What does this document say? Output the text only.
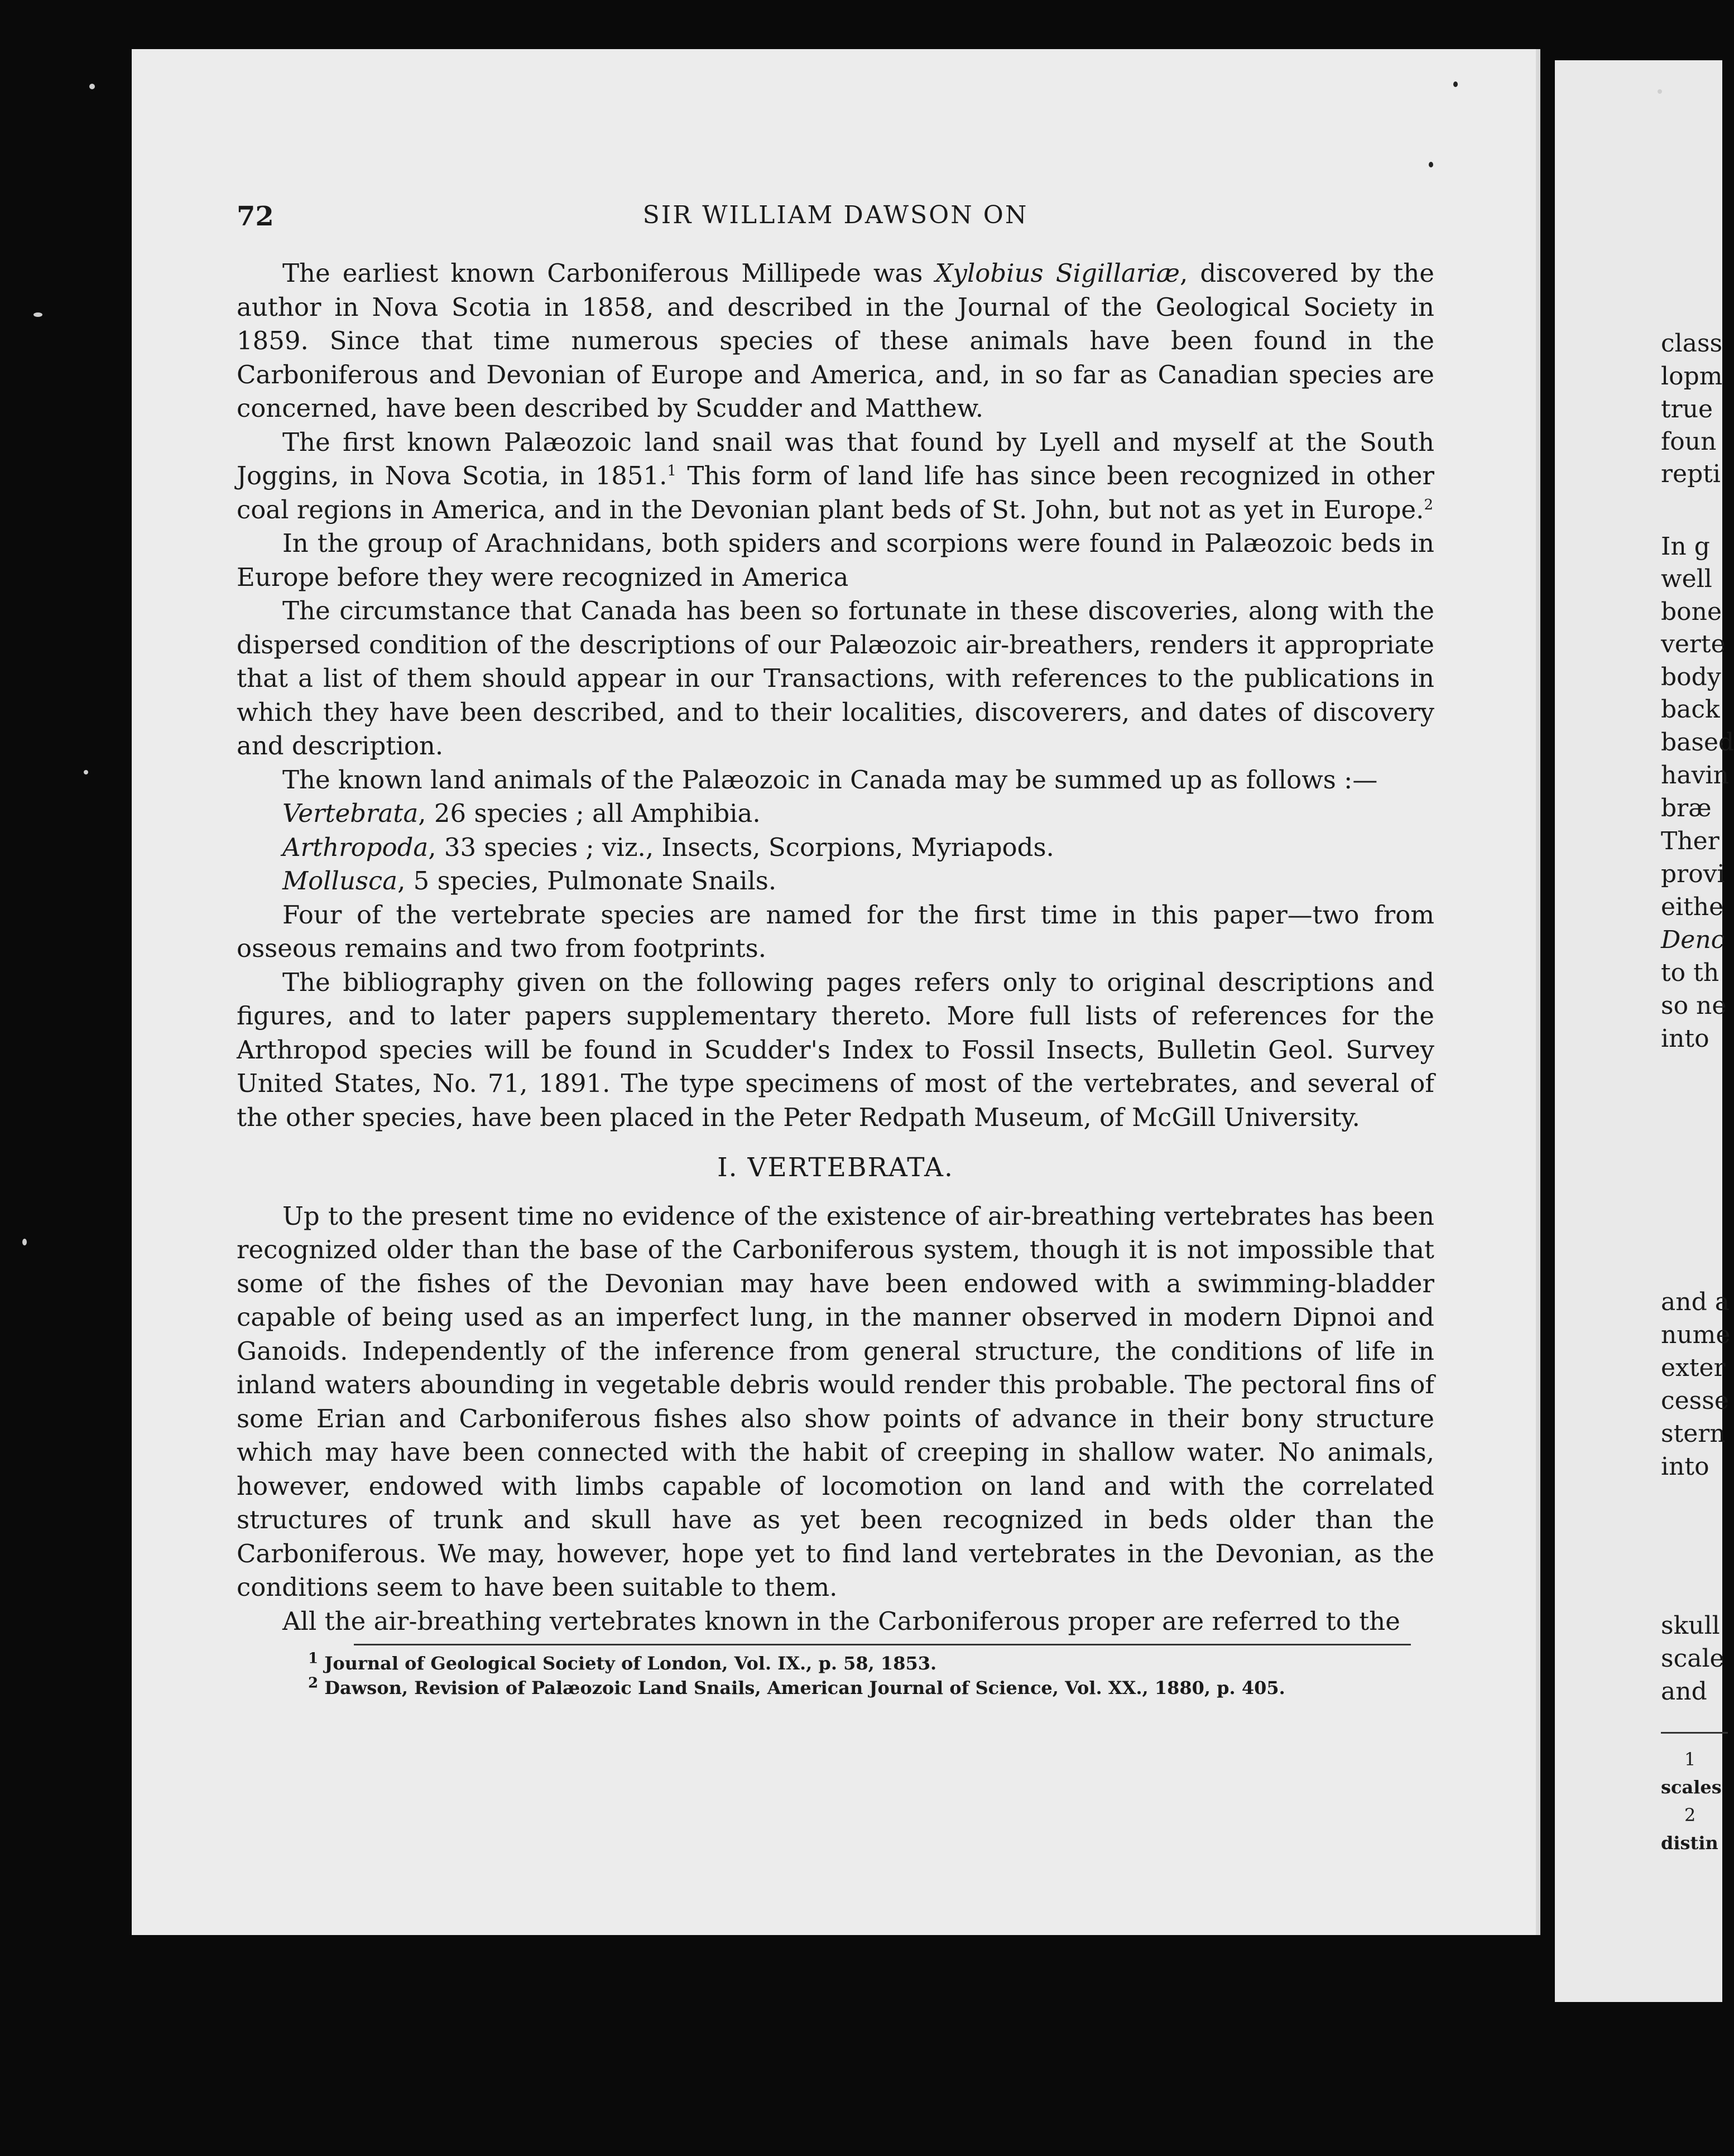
class
lopm
true
foun
repti
In g
well
bone
verte
body
back
based
havin
bræ
Ther
provi
eithe
Denc
to th
so ne
into
and a
nume
exter
cesse
stern
into
skull
scale
and
1
scales
2
distin
72	SIR WILLIAM DAWSON ON

The earliest known Carboniferous Millipede was Xylobius Sigillariæ, discovered by the author in Nova Scotia in 1858, and described in the Journal of the Geological Society in 1859. Since that time numerous species of these animals have been found in the Carboniferous and Devonian of Europe and America, and, in so far as Canadian species are concerned, have been described by Scudder and Matthew.

The first known Palæozoic land snail was that found by Lyell and myself at the South Joggins, in Nova Scotia, in 1851.$^1$ This form of land life has since been recognized in other coal regions in America, and in the Devonian plant beds of St. John, but not as yet in Europe.$^2$

In the group of Arachnidans, both spiders and scorpions were found in Palæozoic beds in Europe before they were recognized in America

The circumstance that Canada has been so fortunate in these discoveries, along with the dispersed condition of the descriptions of our Palæozoic air-breathers, renders it appropriate that a list of them should appear in our Transactions, with references to the publications in which they have been described, and to their localities, discoverers, and dates of discovery and description.

The known land animals of the Palæozoic in Canada may be summed up as follows :—

Vertebrata, 26 species ; all Amphibia.
Arthropoda, 33 species ; viz., Insects, Scorpions, Myriapods.
Mollusca, 5 species, Pulmonate Snails.

Four of the vertebrate species are named for the first time in this paper—two from osseous remains and two from footprints.

The bibliography given on the following pages refers only to original descriptions and figures, and to later papers supplementary thereto. More full lists of references for the Arthropod species will be found in Scudder's Index to Fossil Insects, Bulletin Geol. Survey United States, No. 71, 1891. The type specimens of most of the vertebrates, and several of the other species, have been placed in the Peter Redpath Museum, of McGill University.

I. VERTEBRATA.

Up to the present time no evidence of the existence of air-breathing vertebrates has been recognized older than the base of the Carboniferous system, though it is not impossible that some of the fishes of the Devonian may have been endowed with a swimming-bladder capable of being used as an imperfect lung, in the manner observed in modern Dipnoi and Ganoids. Independently of the inference from general structure, the conditions of life in inland waters abounding in vegetable debris would render this probable. The pectoral fins of some Erian and Carboniferous fishes also show points of advance in their bony structure which may have been connected with the habit of creeping in shallow water. No animals, however, endowed with limbs capable of locomotion on land and with the correlated structures of trunk and skull have as yet been recognized in beds older than the Carboniferous. We may, however, hope yet to find land vertebrates in the Devonian, as the conditions seem to have been suitable to them.

All the air-breathing vertebrates known in the Carboniferous proper are referred to the

$^1$ Journal of Geological Society of London, Vol. IX., p. 58, 1853.
$^2$ Dawson, Revision of Palæozoic Land Snails, American Journal of Science, Vol. XX., 1880, p. 405.
